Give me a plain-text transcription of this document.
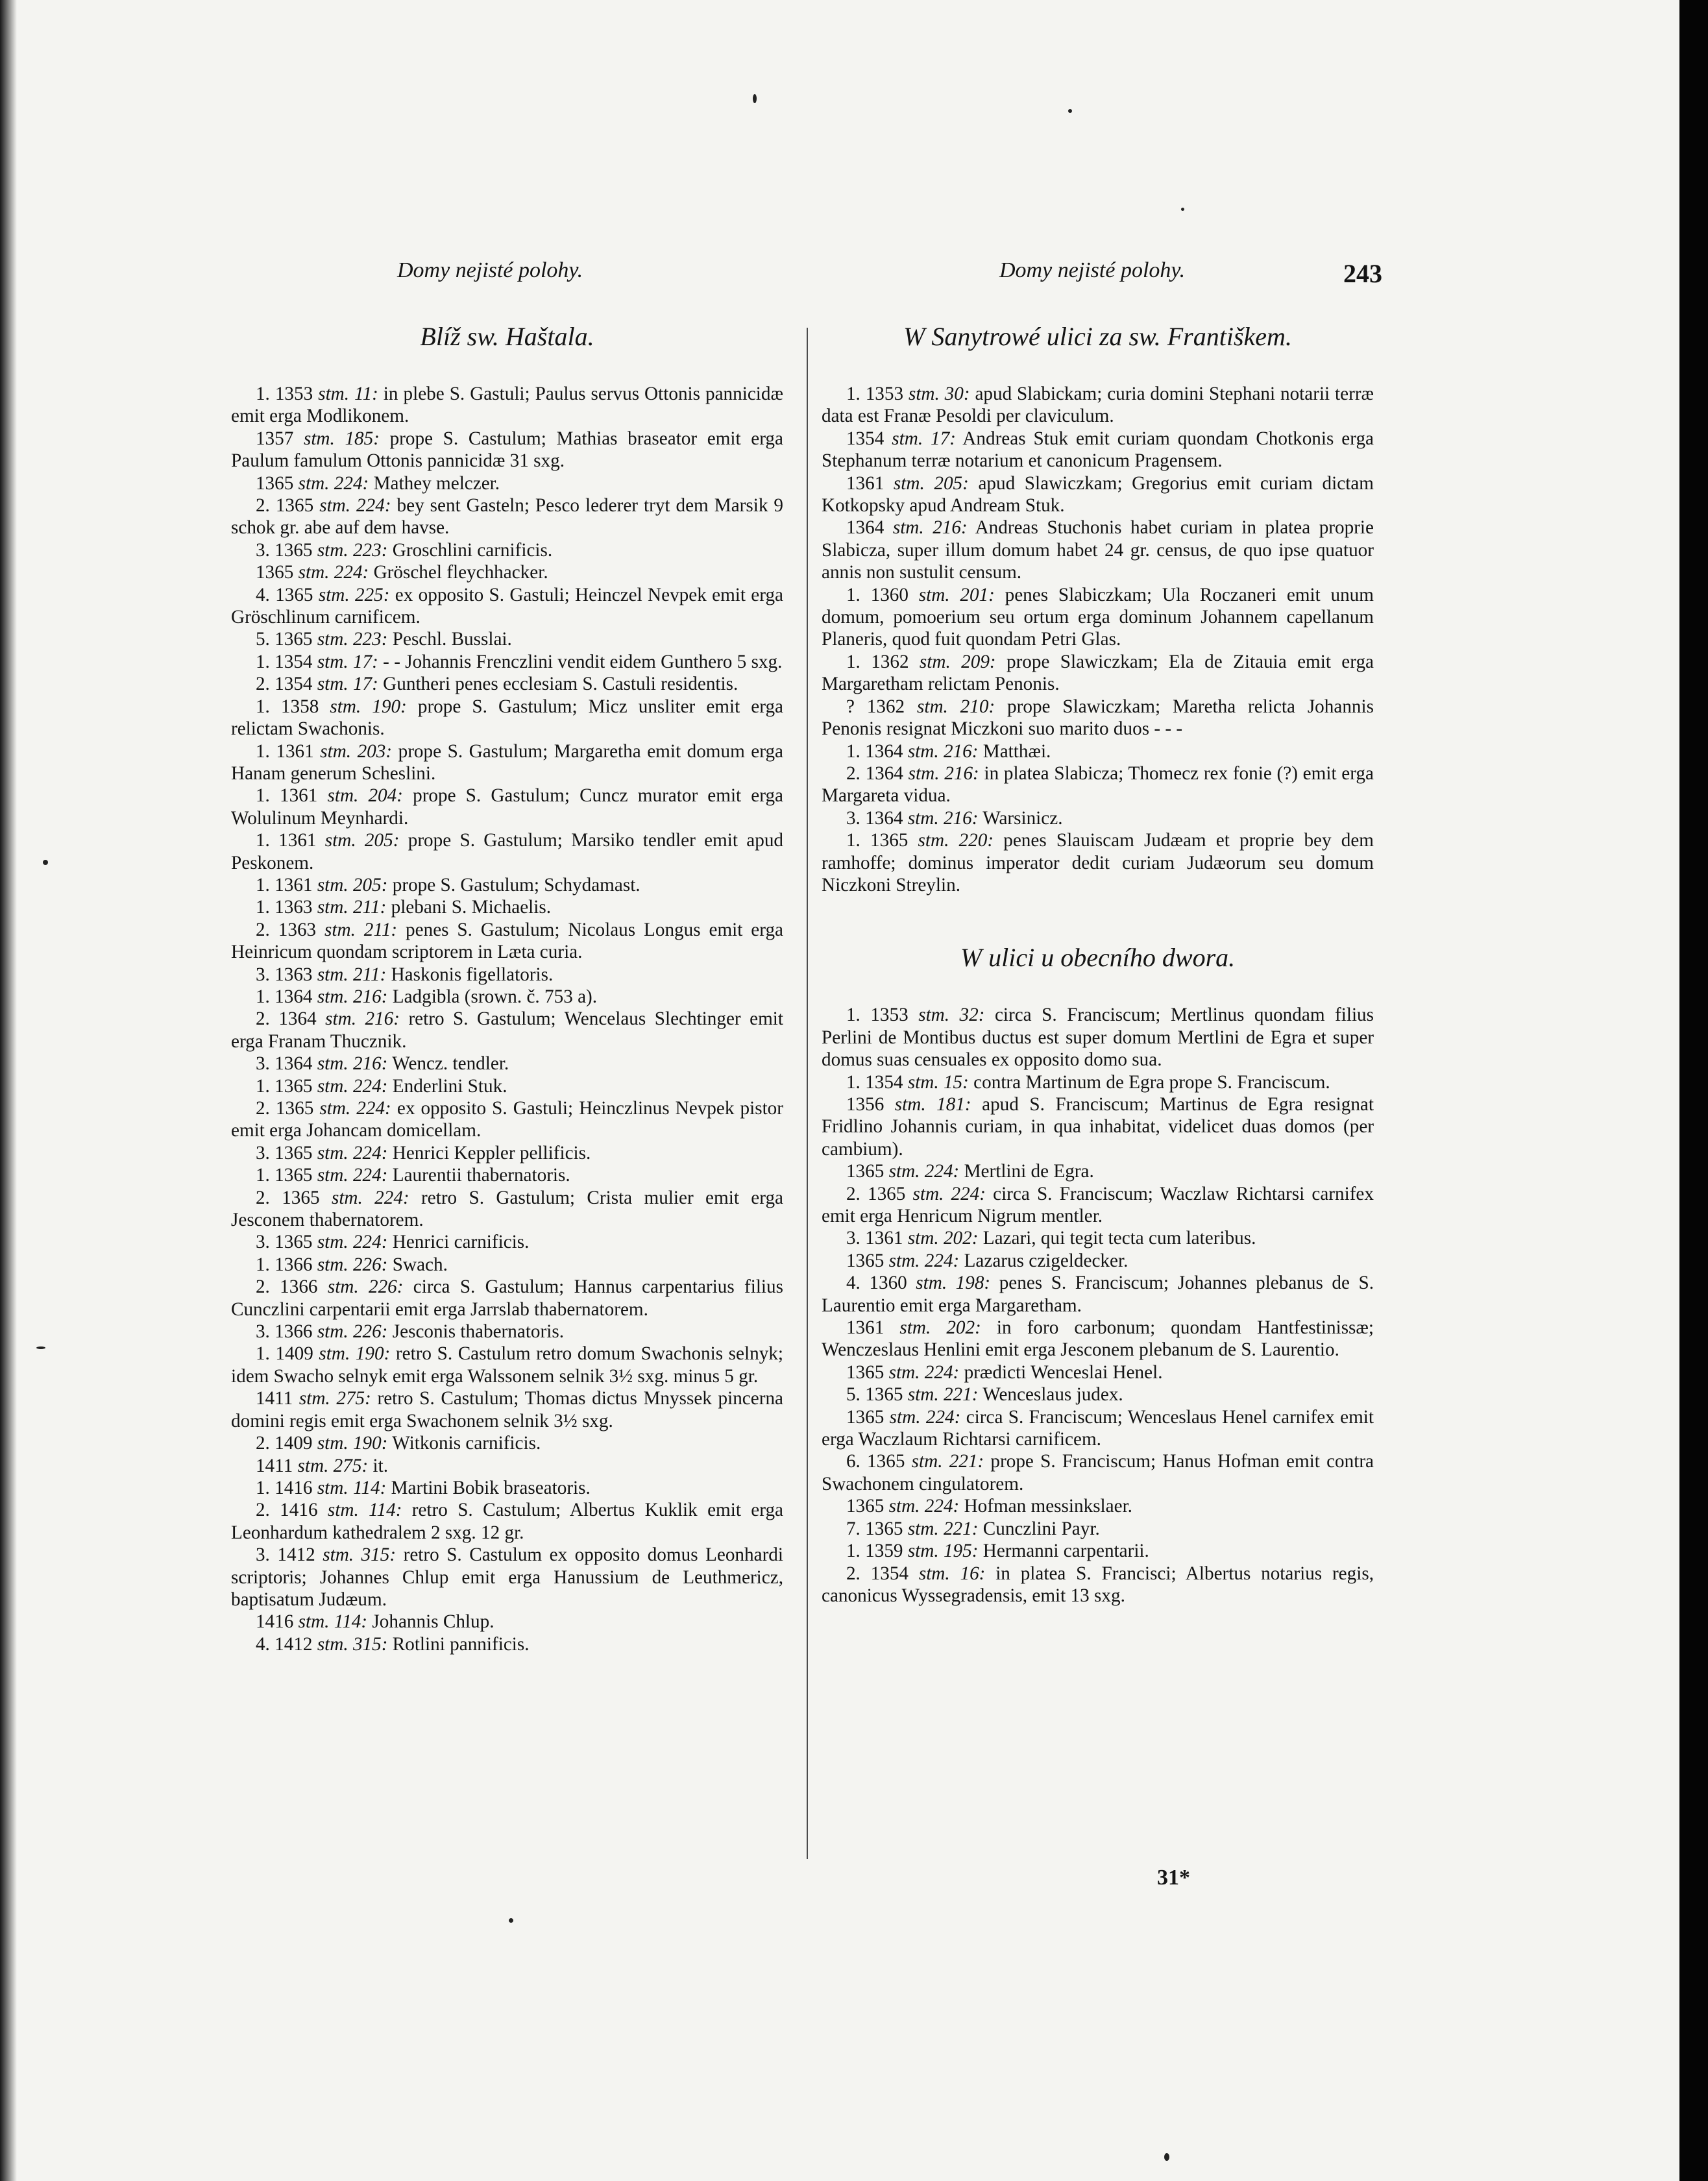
Domy nejisté polohy.	Domy nejisté polohy.	243
Blíž sw. Haštala.

1. 1353 stm. 11: in plebe S. Gastuli; Paulus servus Ottonis pannicidæ emit erga Modlikonem.

1357 stm. 185: prope S. Castulum; Mathias braseator emit erga Paulum famulum Ottonis pannicidæ 31 sxg.

1365 stm. 224: Mathey melczer.

2. 1365 stm. 224: bey sent Gasteln; Pesco lederer tryt dem Marsik 9 schok gr. abe auf dem havse.

3. 1365 stm. 223: Groschlini carnificis.

1365 stm. 224: Gröschel fleychhacker.

4. 1365 stm. 225: ex opposito S. Gastuli; Heinczel Nevpek emit erga Gröschlinum carnificem.

5. 1365 stm. 223: Peschl. Busslai.

1. 1354 stm. 17: - - Johannis Frenczlini vendit eidem Gunthero 5 sxg.

2. 1354 stm. 17: Guntheri penes ecclesiam S. Castuli residentis.

1. 1358 stm. 190: prope S. Gastulum; Micz unsliter emit erga relictam Swachonis.

1. 1361 stm. 203: prope S. Gastulum; Margaretha emit domum erga Hanam generum Scheslini.

1. 1361 stm. 204: prope S. Gastulum; Cuncz murator emit erga Wolulinum Meynhardi.

1. 1361 stm. 205: prope S. Gastulum; Marsiko tendler emit apud Peskonem.

1. 1361 stm. 205: prope S. Gastulum; Schydamast.

1. 1363 stm. 211: plebani S. Michaelis.

2. 1363 stm. 211: penes S. Gastulum; Nicolaus Longus emit erga Heinricum quondam scriptorem in Læta curia.

3. 1363 stm. 211: Haskonis figellatoris.

1. 1364 stm. 216: Ladgibla (srown. č. 753 a).

2. 1364 stm. 216: retro S. Gastulum; Wencelaus Slechtinger emit erga Franam Thucznik.

3. 1364 stm. 216: Wencz. tendler.

1. 1365 stm. 224: Enderlini Stuk.

2. 1365 stm. 224: ex opposito S. Gastuli; Heinczlinus Nevpek pistor emit erga Johancam domicellam.

3. 1365 stm. 224: Henrici Keppler pellificis.

1. 1365 stm. 224: Laurentii thabernatoris.

2. 1365 stm. 224: retro S. Gastulum; Crista mulier emit erga Jesconem thabernatorem.

3. 1365 stm. 224: Henrici carnificis.

1. 1366 stm. 226: Swach.

2. 1366 stm. 226: circa S. Gastulum; Hannus carpentarius filius Cunczlini carpentarii emit erga Jarrslab thabernatorem.

3. 1366 stm. 226: Jesconis thabernatoris.

1. 1409 stm. 190: retro S. Castulum retro domum Swachonis selnyk; idem Swacho selnyk emit erga Walssonem selnik 3½ sxg. minus 5 gr.

1411 stm. 275: retro S. Castulum; Thomas dictus Mnyssek pincerna domini regis emit erga Swachonem selnik 3½ sxg.

2. 1409 stm. 190: Witkonis carnificis.

1411 stm. 275: it.

1. 1416 stm. 114: Martini Bobik braseatoris.

2. 1416 stm. 114: retro S. Castulum; Albertus Kuklik emit erga Leonhardum kathedralem 2 sxg. 12 gr.

3. 1412 stm. 315: retro S. Castulum ex opposito domus Leonhardi scriptoris; Johannes Chlup emit erga Hanussium de Leuthmericz, baptisatum Judæum.

1416 stm. 114: Johannis Chlup.

4. 1412 stm. 315: Rotlini pannificis.

W Sanytrowé ulici za sw. Františkem.

1. 1353 stm. 30: apud Slabickam; curia domini Stephani notarii terræ data est Franæ Pesoldi per claviculum.

1354 stm. 17: Andreas Stuk emit curiam quondam Chotkonis erga Stephanum terræ notarium et canonicum Pragensem.

1361 stm. 205: apud Slawiczkam; Gregorius emit curiam dictam Kotkopsky apud Andream Stuk.

1364 stm. 216: Andreas Stuchonis habet curiam in platea proprie Slabicza, super illum domum habet 24 gr. census, de quo ipse quatuor annis non sustulit censum.

1. 1360 stm. 201: penes Slabiczkam; Ula Roczaneri emit unum domum, pomoerium seu ortum erga dominum Johannem capellanum Planeris, quod fuit quondam Petri Glas.

1. 1362 stm. 209: prope Slawiczkam; Ela de Zitauia emit erga Margaretham relictam Penonis.

? 1362 stm. 210: prope Slawiczkam; Maretha relicta Johannis Penonis resignat Miczkoni suo marito duos - - -

1. 1364 stm. 216: Matthæi.

2. 1364 stm. 216: in platea Slabicza; Thomecz rex fonie (?) emit erga Margareta vidua.

3. 1364 stm. 216: Warsinicz.

1. 1365 stm. 220: penes Slauiscam Judæam et proprie bey dem ramhoffe; dominus imperator dedit curiam Judæorum seu domum Niczkoni Streylin.

W ulici u obecního dwora.

1. 1353 stm. 32: circa S. Franciscum; Mertlinus quondam filius Perlini de Montibus ductus est super domum Mertlini de Egra et super domus suas censuales ex opposito domo sua.

1. 1354 stm. 15: contra Martinum de Egra prope S. Franciscum.

1356 stm. 181: apud S. Franciscum; Martinus de Egra resignat Fridlino Johannis curiam, in qua inhabitat, videlicet duas domos (per cambium).

1365 stm. 224: Mertlini de Egra.

2. 1365 stm. 224: circa S. Franciscum; Waczlaw Richtarsi carnifex emit erga Henricum Nigrum mentler.

3. 1361 stm. 202: Lazari, qui tegit tecta cum lateribus.

1365 stm. 224: Lazarus czigeldecker.

4. 1360 stm. 198: penes S. Franciscum; Johannes plebanus de S. Laurentio emit erga Margaretham.

1361 stm. 202: in foro carbonum; quondam Hantfestinissæ; Wenczeslaus Henlini emit erga Jesconem plebanum de S. Laurentio.

1365 stm. 224: prædicti Wenceslai Henel.

5. 1365 stm. 221: Wenceslaus judex.

1365 stm. 224: circa S. Franciscum; Wenceslaus Henel carnifex emit erga Waczlaum Richtarsi carnificem.

6. 1365 stm. 221: prope S. Franciscum; Hanus Hofman emit contra Swachonem cingulatorem.

1365 stm. 224: Hofman messinkslaer.

7. 1365 stm. 221: Cunczlini Payr.

1. 1359 stm. 195: Hermanni carpentarii.

2. 1354 stm. 16: in platea S. Francisci; Albertus notarius regis, canonicus Wyssegradensis, emit 13 sxg.

31*
